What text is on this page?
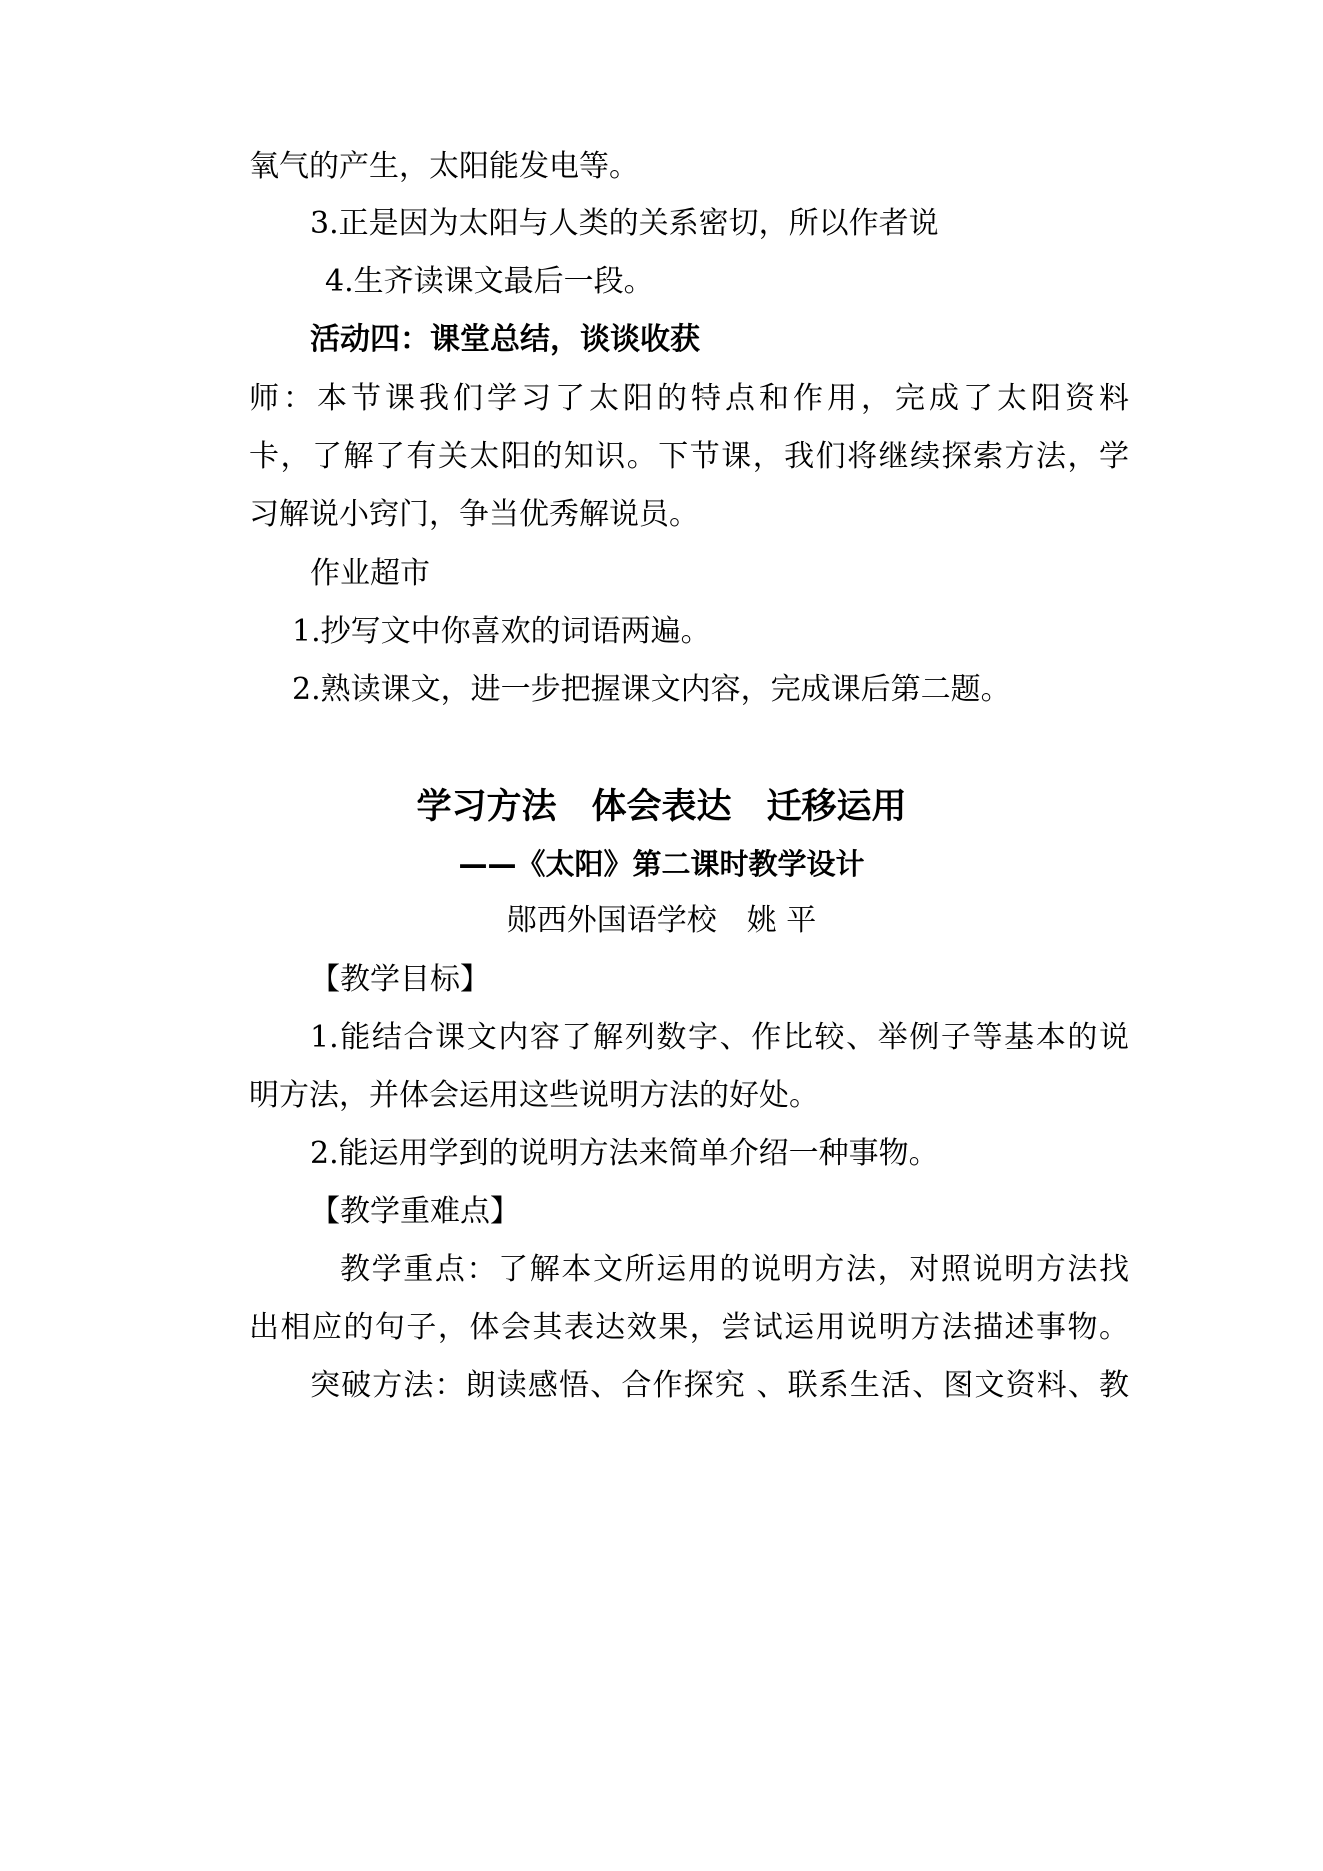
氧气的产生，太阳能发电等。
3.正是因为太阳与人类的关系密切，所以作者说
4.生齐读课文最后一段。
活动四：课堂总结，谈谈收获
师：本节课我们学习了太阳的特点和作用，完成了太阳资料
卡，了解了有关太阳的知识。下节课，我们将继续探索方法，学
习解说小窍门，争当优秀解说员。
作业超市
1.抄写文中你喜欢的词语两遍。
2.熟读课文，进一步把握课文内容，完成课后第二题。
学习方法　体会表达　迁移运用
——《太阳》第二课时教学设计
郧西外国语学校　姚 平
【教学目标】
1.能结合课文内容了解列数字、作比较、举例子等基本的说
明方法，并体会运用这些说明方法的好处。
2.能运用学到的说明方法来简单介绍一种事物。
【教学重难点】
教学重点：了解本文所运用的说明方法，对照说明方法找
出相应的句子，体会其表达效果，尝试运用说明方法描述事物。
突破方法：朗读感悟、合作探究 、联系生活、图文资料、教
